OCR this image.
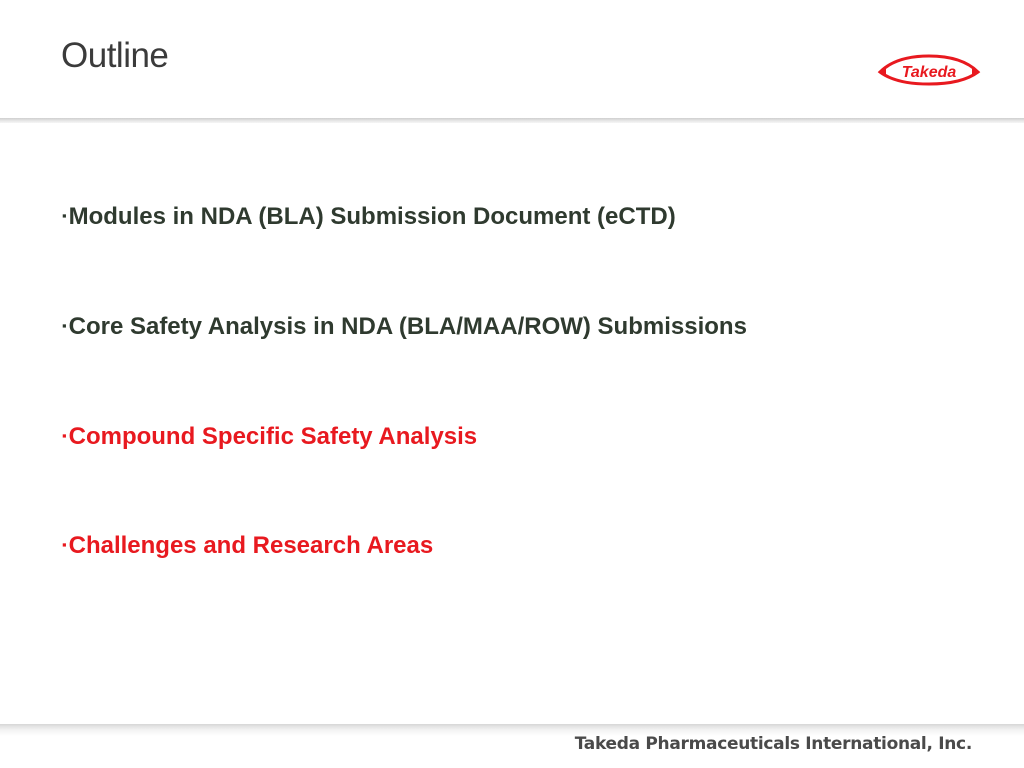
Outline	Takeda
▪Modules in NDA (BLA) Submission Document (eCTD)
▪Core Safety Analysis in NDA (BLA/MAA/ROW) Submissions
▪Compound Specific Safety Analysis
▪Challenges and Research Areas
Takeda Pharmaceuticals International, Inc.
